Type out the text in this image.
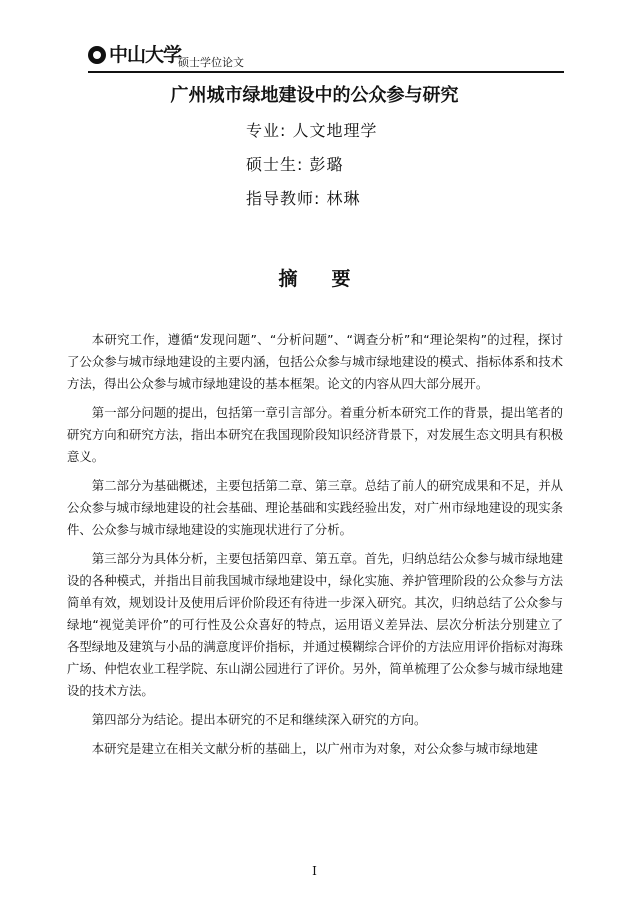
中山大学
硕士学位论文
广州城市绿地建设中的公众参与研究
专业: 人文地理学
硕士生: 彭璐
指导教师: 林琳
摘要

本研究工作，遵循“发现问题”、“分析问题”、“调查分析”和“理论架构”的过程，探讨了公众参与城市绿地建设的主要内涵，包括公众参与城市绿地建设的模式、指标体系和技术方法，得出公众参与城市绿地建设的基本框架。论文的内容从四大部分展开。

第一部分问题的提出，包括第一章引言部分。着重分析本研究工作的背景，提出笔者的研究方向和研究方法，指出本研究在我国现阶段知识经济背景下，对发展生态文明具有积极意义。

第二部分为基础概述，主要包括第二章、第三章。总结了前人的研究成果和不足，并从公众参与城市绿地建设的社会基础、理论基础和实践经验出发，对广州市绿地建设的现实条件、公众参与城市绿地建设的实施现状进行了分析。

第三部分为具体分析，主要包括第四章、第五章。首先，归纳总结公众参与城市绿地建设的各种模式，并指出目前我国城市绿地建设中，绿化实施、养护管理阶段的公众参与方法简单有效，规划设计及使用后评价阶段还有待进一步深入研究。其次，归纳总结了公众参与绿地“视觉美评价”的可行性及公众喜好的特点，运用语义差异法、层次分析法分别建立了各型绿地及建筑与小品的满意度评价指标，并通过模糊综合评价的方法应用评价指标对海珠广场、仲恺农业工程学院、东山湖公园进行了评价。另外，简单梳理了公众参与城市绿地建设的技术方法。

第四部分为结论。提出本研究的不足和继续深入研究的方向。

本研究是建立在相关文献分析的基础上，以广州市为对象，对公众参与城市绿地建

I
